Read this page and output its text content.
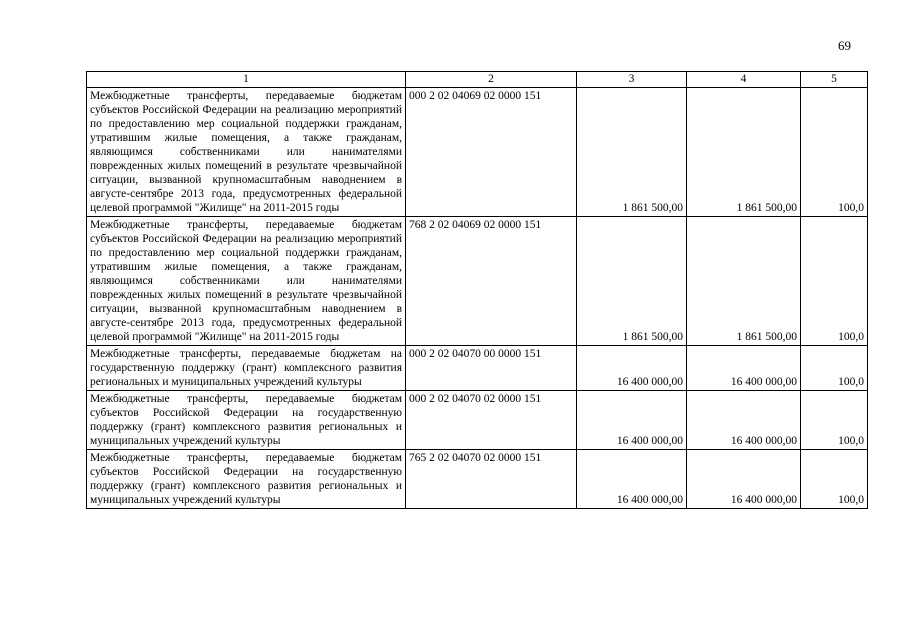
69
1	2	3	4	5
Межбюджетные трансферты, передаваемые бюджетам субъектов Российской Федерации на реализацию мероприятий по предоставлению мер социальной поддержки гражданам, утратившим жилые помещения, а также гражданам, являющимся собственниками или нанимателями поврежденных жилых помещений в результате чрезвычайной ситуации, вызванной крупномасштабным наводнением в августе-сентябре 2013 года, предусмотренных федеральной целевой программой "Жилище" на 2011-2015 годы	000 2 02 04069 02 0000 151	1 861 500,00	1 861 500,00	100,0
Межбюджетные трансферты, передаваемые бюджетам субъектов Российской Федерации на реализацию мероприятий по предоставлению мер социальной поддержки гражданам, утратившим жилые помещения, а также гражданам, являющимся собственниками или нанимателями поврежденных жилых помещений в результате чрезвычайной ситуации, вызванной крупномасштабным наводнением в августе-сентябре 2013 года, предусмотренных федеральной целевой программой "Жилище" на 2011-2015 годы	768 2 02 04069 02 0000 151	1 861 500,00	1 861 500,00	100,0
Межбюджетные трансферты, передаваемые бюджетам на государственную поддержку (грант) комплексного развития региональных и муниципальных учреждений культуры	000 2 02 04070 00 0000 151	16 400 000,00	16 400 000,00	100,0
Межбюджетные трансферты, передаваемые бюджетам субъектов Российской Федерации на государственную поддержку (грант) комплексного развития региональных и муниципальных учреждений культуры	000 2 02 04070 02 0000 151	16 400 000,00	16 400 000,00	100,0
Межбюджетные трансферты, передаваемые бюджетам субъектов Российской Федерации на государственную поддержку (грант) комплексного развития региональных и муниципальных учреждений культуры	765 2 02 04070 02 0000 151	16 400 000,00	16 400 000,00	100,0
